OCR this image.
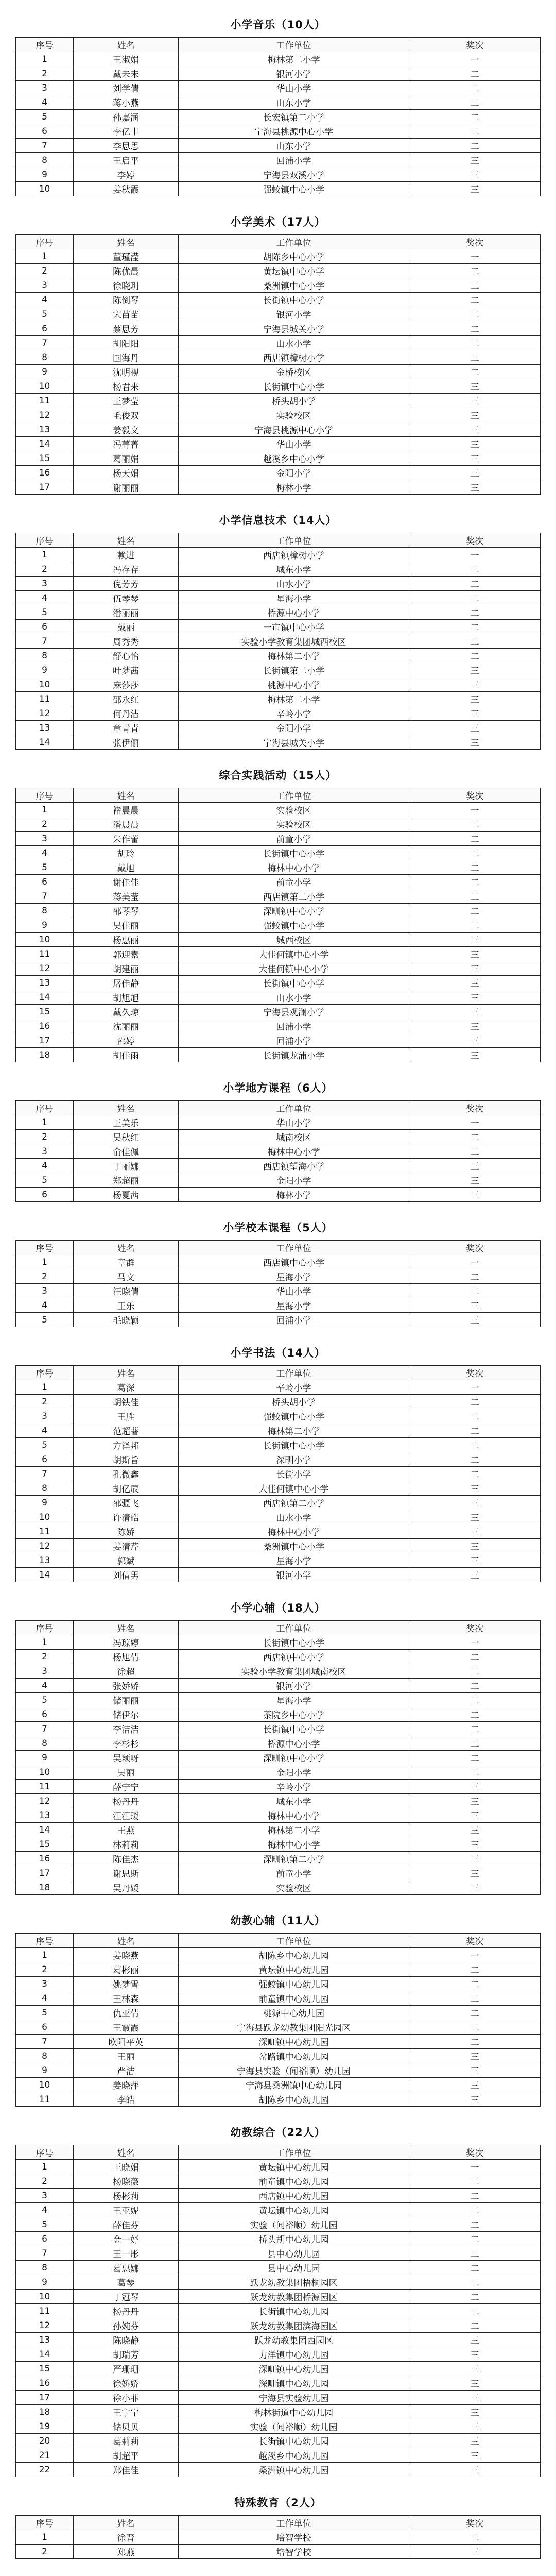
小学音乐（10人）
序号	姓名	工作单位	奖次
1	王淑娟	梅林第二小学	一
2	戴未未	银河小学	二
3	刘学倩	华山小学	二
4	蒋小燕	山东小学	二
5	孙嘉涵	长宏镇第二小学	二
6	李亿丰	宁海县桃源中心小学	二
7	李思思	山东小学	二
8	王启平	回浦小学	三
9	李婷	宁海县双溪小学	三
10	姜秋霞	强蛟镇中心小学	三
小学美术（17人）
序号	姓名	工作单位	奖次
1	董瑾滢	胡陈乡中心小学	一
2	陈优晨	黄坛镇中心小学	二
3	徐晓玥	桑洲镇中心小学	二
4	陈倒琴	长街镇中心小学	二
5	宋苗苗	银河小学	二
6	蔡思芳	宁海县城关小学	二
7	胡阳阳	山水小学	二
8	国海丹	西店镇樟树小学	二
9	沈明视	金桥校区	二
10	杨君来	长街镇中心小学	三
11	王梦莹	桥头胡小学	三
12	毛俊双	实验校区	三
13	姜毅文	宁海县桃源中心小学	三
14	冯菁菁	华山小学	三
15	葛丽娟	越溪乡中心小学	三
16	杨天娟	金阳小学	三
17	谢丽丽	梅林小学	三
小学信息技术（14人）
序号	姓名	工作单位	奖次
1	赖进	西店镇樟树小学	一
2	冯存存	城东小学	二
3	倪芳芳	山水小学	二
4	伍琴琴	星海小学	二
5	潘丽丽	桥源中心小学	二
6	戴丽	一市镇中心小学	二
7	周秀秀	实验小学教育集团城西校区	二
8	舒心怡	梅林第二小学	二
9	叶梦茜	长街镇第二小学	三
10	麻莎莎	桃源中心小学	三
11	邵永红	梅林第二小学	三
12	何丹洁	辛岭小学	三
13	章青青	金阳小学	三
14	张伊俪	宁海县城关小学	三
综合实践活动（15人）
序号	姓名	工作单位	奖次
1	褚晨晨	实验校区	一
2	潘晨晨	实验校区	二
3	朱作蕾	前童小学	二
4	胡玲	长街镇中心小学	二
5	戴旭	梅林中心小学	二
6	谢佳佳	前童小学	二
7	蒋美莹	西店镇第二小学	二
8	邵琴琴	深甽镇中心小学	二
9	吴佳丽	强蛟镇中心小学	二
10	杨惠丽	城西校区	三
11	郭迎素	大佳何镇中心小学	三
12	胡建丽	大佳何镇中心小学	三
13	屠佳静	长街镇中心小学	三
14	胡旭旭	山水小学	三
15	戴久琼	宁海县观澜小学	三
16	沈丽丽	回浦小学	三
17	邵婷	回浦小学	三
18	胡佳雨	长街镇龙浦小学	三
小学地方课程（6人）
序号	姓名	工作单位	奖次
1	王美乐	华山小学	一
2	吴秋红	城南校区	二
3	俞佳佩	梅林中心小学	二
4	丁丽娜	西店镇望海小学	三
5	郑超丽	金阳小学	三
6	杨夏茜	梅林小学	三
小学校本课程（5人）
序号	姓名	工作单位	奖次
1	章群	西店镇中心小学	一
2	马文	星海小学	二
3	汪晓倩	华山小学	二
4	王乐	星海小学	三
5	毛晓颖	回浦小学	三
小学书法（14人）
序号	姓名	工作单位	奖次
1	葛深	辛岭小学	一
2	胡铁佳	桥头胡小学	二
3	王胜	强蛟镇中心小学	二
4	范超薯	梅林第二小学	二
5	方泽邦	长街镇中心小学	二
6	胡斯旨	深甽小学	二
7	孔微鑫	长街小学	二
8	胡亿辰	大佳何镇中心小学	三
9	邵疆飞	西店镇第二小学	三
10	许清皓	山水小学	三
11	陈娇	梅林中心小学	三
12	姜清芹	桑洲镇中心小学	三
13	郭斌	星海小学	三
14	刘倩男	银河小学	三
小学心辅（18人）
序号	姓名	工作单位	奖次
1	冯琼婷	长街镇中心小学	一
2	杨旭倩	西店镇中心小学	二
3	徐超	实验小学教育集团城南校区	二
4	张娇娇	银河小学	二
5	储丽丽	星海小学	二
6	储伊尔	茶院乡中心小学	二
7	李洁洁	长街镇中心小学	二
8	李杉杉	桥源中心小学	二
9	吴颖呀	深甽镇中心小学	二
10	吴丽	金阳小学	二
11	薛宁宁	辛岭小学	三
12	杨丹丹	城东小学	三
13	汪汪瑗	梅林中心小学	三
14	王燕	梅林第二小学	三
15	林莉莉	梅林中心小学	三
16	陈佳杰	深甽镇第二小学	三
17	谢思斯	前童小学	三
18	吴丹媛	实验校区	三
幼教心辅（11人）
序号	姓名	工作单位	奖次
1	姜晓燕	胡陈乡中心幼儿园	一
2	葛彬丽	黄坛镇中心幼儿园	二
3	姚梦雪	强蛟镇中心幼儿园	二
4	王林森	前童镇中心幼儿园	二
5	仇亚倩	桃源中心幼儿园	二
6	王霞霞	宁海县跃龙幼教集团阳光园区	二
7	欧阳平英	深甽镇中心幼儿园	二
8	王丽	岔路镇中心幼儿园	三
9	严洁	宁海县实验（闻裕顺）幼儿园	三
10	姜晓萍	宁海县桑洲镇中心幼儿园	三
11	李皓	胡陈乡中心幼儿园	三
幼教综合（22人）
序号	姓名	工作单位	奖次
1	王晓娟	黄坛镇中心幼儿园	一
2	杨晓薇	前童镇中心幼儿园	二
3	杨彬莉	西店镇中心幼儿园	二
4	王亚妮	黄坛镇中心幼儿园	二
5	薛佳芬	实验（闻裕顺）幼儿园	二
6	金一妤	桥头胡中心幼儿园	二
7	王一彤	县中心幼儿园	二
8	葛惠娜	县中心幼儿园	二
9	葛琴	跃龙幼教集团梧桐园区	二
10	丁冠琴	跃龙幼教集团桥源园区	二
11	杨丹丹	长街镇中心幼儿园	二
12	孙婉芬	跃龙幼教集团滨海园区	二
13	陈晓静	跃龙幼教集团西园区	三
14	胡瑞芳	力洋镇中心幼儿园	三
15	严珊珊	深甽镇中心幼儿园	三
16	徐娇娇	深甽镇中心幼儿园	三
17	徐小菲	宁海县实验幼儿园	三
18	王宁宁	梅林街道中心幼儿园	三
19	储贝贝	实验（闻裕顺）幼儿园	三
20	葛莉莉	长街镇中心幼儿园	三
21	胡超平	越溪乡中心幼儿园	三
22	郑佳佳	桑洲镇中心幼儿园	三
特殊教育（2人）
序号	姓名	工作单位	奖次
1	徐晋	培智学校	二
2	郑燕	培智学校	三
